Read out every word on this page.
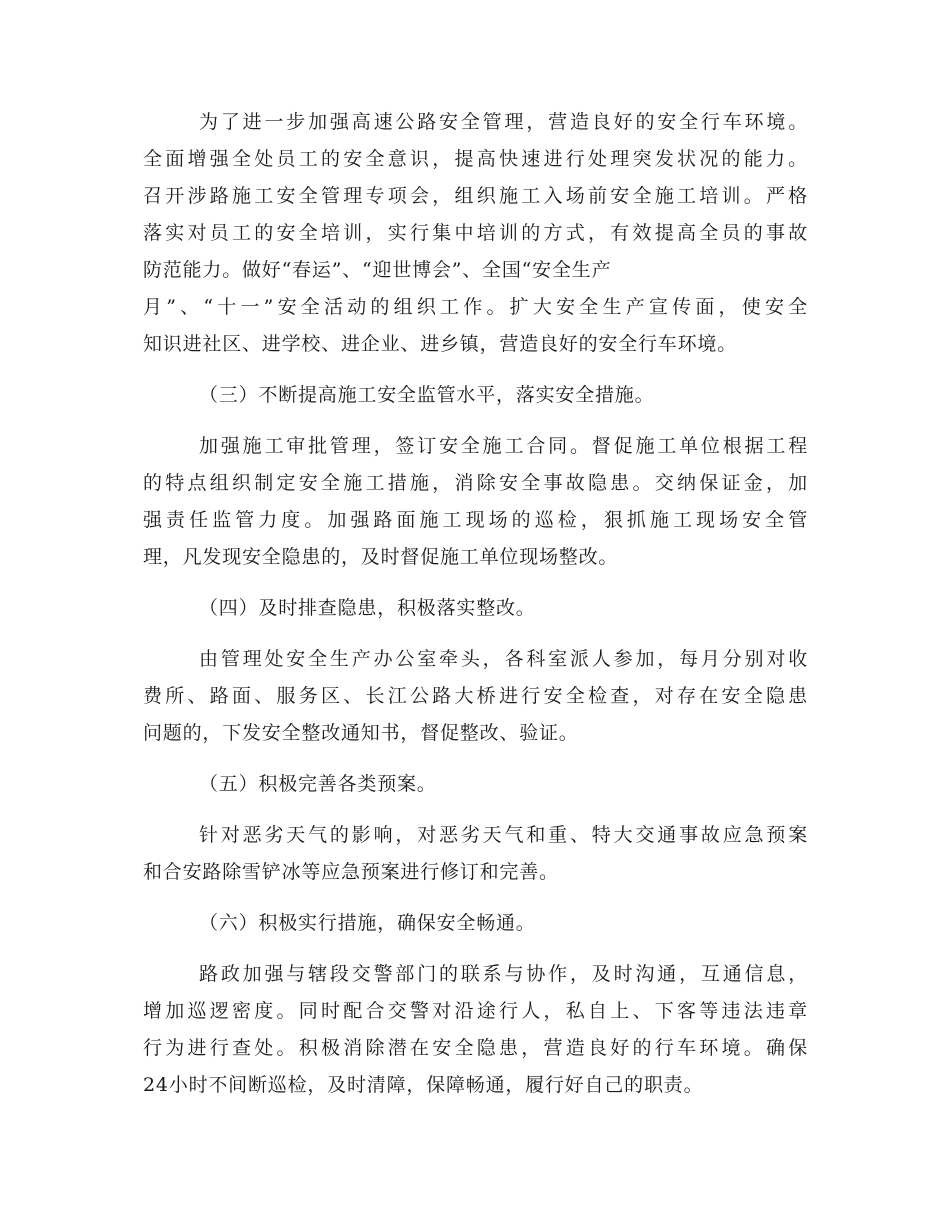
为了进一步加强高速公路安全管理，营造良好的安全行车环境。
全面增强全处员工的安全意识，提高快速进行处理突发状况的能力。
召开涉路施工安全管理专项会，组织施工入场前安全施工培训。严格
落实对员工的安全培训，实行集中培训的方式，有效提高全员的事故
防范能力。做好“春运”、“迎世博会”、全国“安全生产
月”、“十一”安全活动的组织工作。扩大安全生产宣传面，使安全
知识进社区、进学校、进企业、进乡镇，营造良好的安全行车环境。
（三）不断提高施工安全监管水平，落实安全措施。
加强施工审批管理，签订安全施工合同。督促施工单位根据工程
的特点组织制定安全施工措施，消除安全事故隐患。交纳保证金，加
强责任监管力度。加强路面施工现场的巡检，狠抓施工现场安全管
理，凡发现安全隐患的，及时督促施工单位现场整改。
（四）及时排查隐患，积极落实整改。
由管理处安全生产办公室牵头，各科室派人参加，每月分别对收
费所、路面、服务区、长江公路大桥进行安全检查，对存在安全隐患
问题的，下发安全整改通知书，督促整改、验证。
（五）积极完善各类预案。
针对恶劣天气的影响，对恶劣天气和重、特大交通事故应急预案
和合安路除雪铲冰等应急预案进行修订和完善。
（六）积极实行措施，确保安全畅通。
路政加强与辖段交警部门的联系与协作，及时沟通，互通信息，
增加巡逻密度。同时配合交警对沿途行人，私自上、下客等违法违章
行为进行查处。积极消除潜在安全隐患，营造良好的行车环境。确保
24小时不间断巡检，及时清障，保障畅通，履行好自己的职责。
